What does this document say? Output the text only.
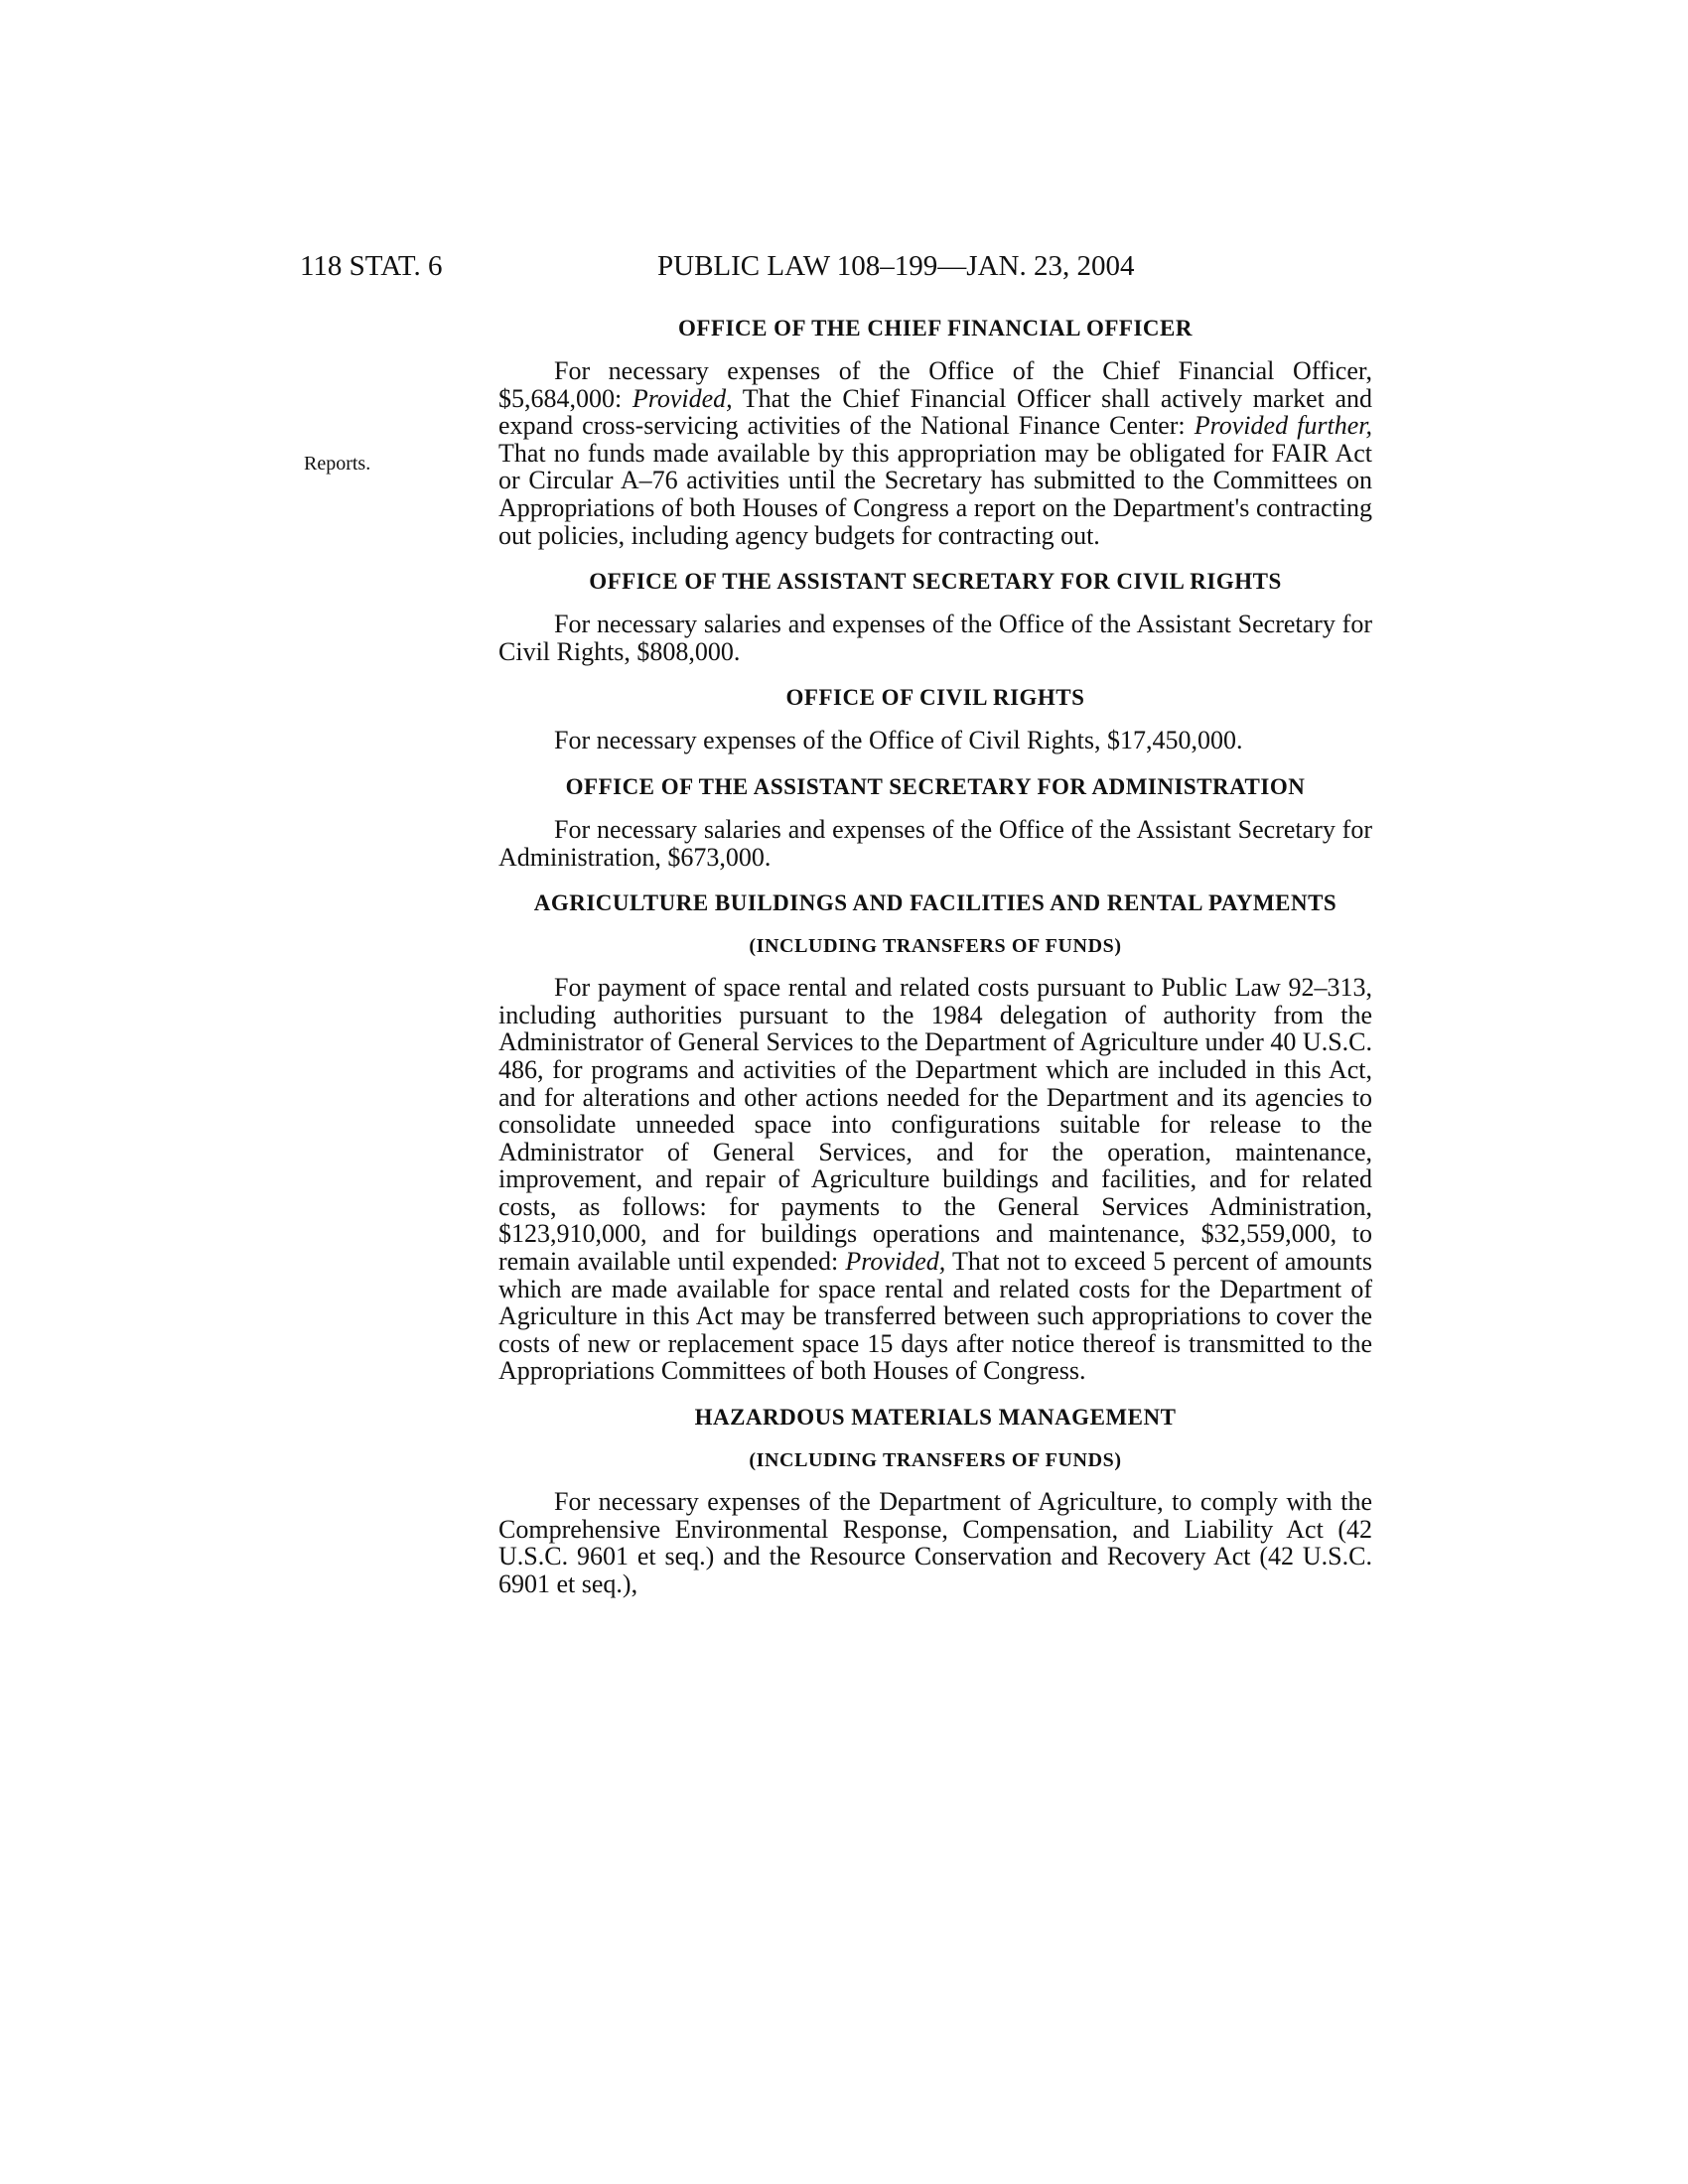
118 STAT. 6	PUBLIC LAW 108–199—JAN. 23, 2004
Reports.
OFFICE OF THE CHIEF FINANCIAL OFFICER

For necessary expenses of the Office of the Chief Financial Officer, $5,684,000: Provided, That the Chief Financial Officer shall actively market and expand cross-servicing activities of the National Finance Center: Provided further, That no funds made available by this appropriation may be obligated for FAIR Act or Circular A–76 activities until the Secretary has submitted to the Committees on Appropriations of both Houses of Congress a report on the Department's contracting out policies, including agency budgets for contracting out.

OFFICE OF THE ASSISTANT SECRETARY FOR CIVIL RIGHTS

For necessary salaries and expenses of the Office of the Assistant Secretary for Civil Rights, $808,000.

OFFICE OF CIVIL RIGHTS

For necessary expenses of the Office of Civil Rights, $17,450,000.

OFFICE OF THE ASSISTANT SECRETARY FOR ADMINISTRATION

For necessary salaries and expenses of the Office of the Assistant Secretary for Administration, $673,000.

AGRICULTURE BUILDINGS AND FACILITIES AND RENTAL PAYMENTS
(INCLUDING TRANSFERS OF FUNDS)

For payment of space rental and related costs pursuant to Public Law 92–313, including authorities pursuant to the 1984 delegation of authority from the Administrator of General Services to the Department of Agriculture under 40 U.S.C. 486, for programs and activities of the Department which are included in this Act, and for alterations and other actions needed for the Department and its agencies to consolidate unneeded space into configurations suitable for release to the Administrator of General Services, and for the operation, maintenance, improvement, and repair of Agriculture buildings and facilities, and for related costs, as follows: for payments to the General Services Administration, $123,910,000, and for buildings operations and maintenance, $32,559,000, to remain available until expended: Provided, That not to exceed 5 percent of amounts which are made available for space rental and related costs for the Department of Agriculture in this Act may be transferred between such appropriations to cover the costs of new or replacement space 15 days after notice thereof is transmitted to the Appropriations Committees of both Houses of Congress.

HAZARDOUS MATERIALS MANAGEMENT
(INCLUDING TRANSFERS OF FUNDS)

For necessary expenses of the Department of Agriculture, to comply with the Comprehensive Environmental Response, Compensation, and Liability Act (42 U.S.C. 9601 et seq.) and the Resource Conservation and Recovery Act (42 U.S.C. 6901 et seq.),
